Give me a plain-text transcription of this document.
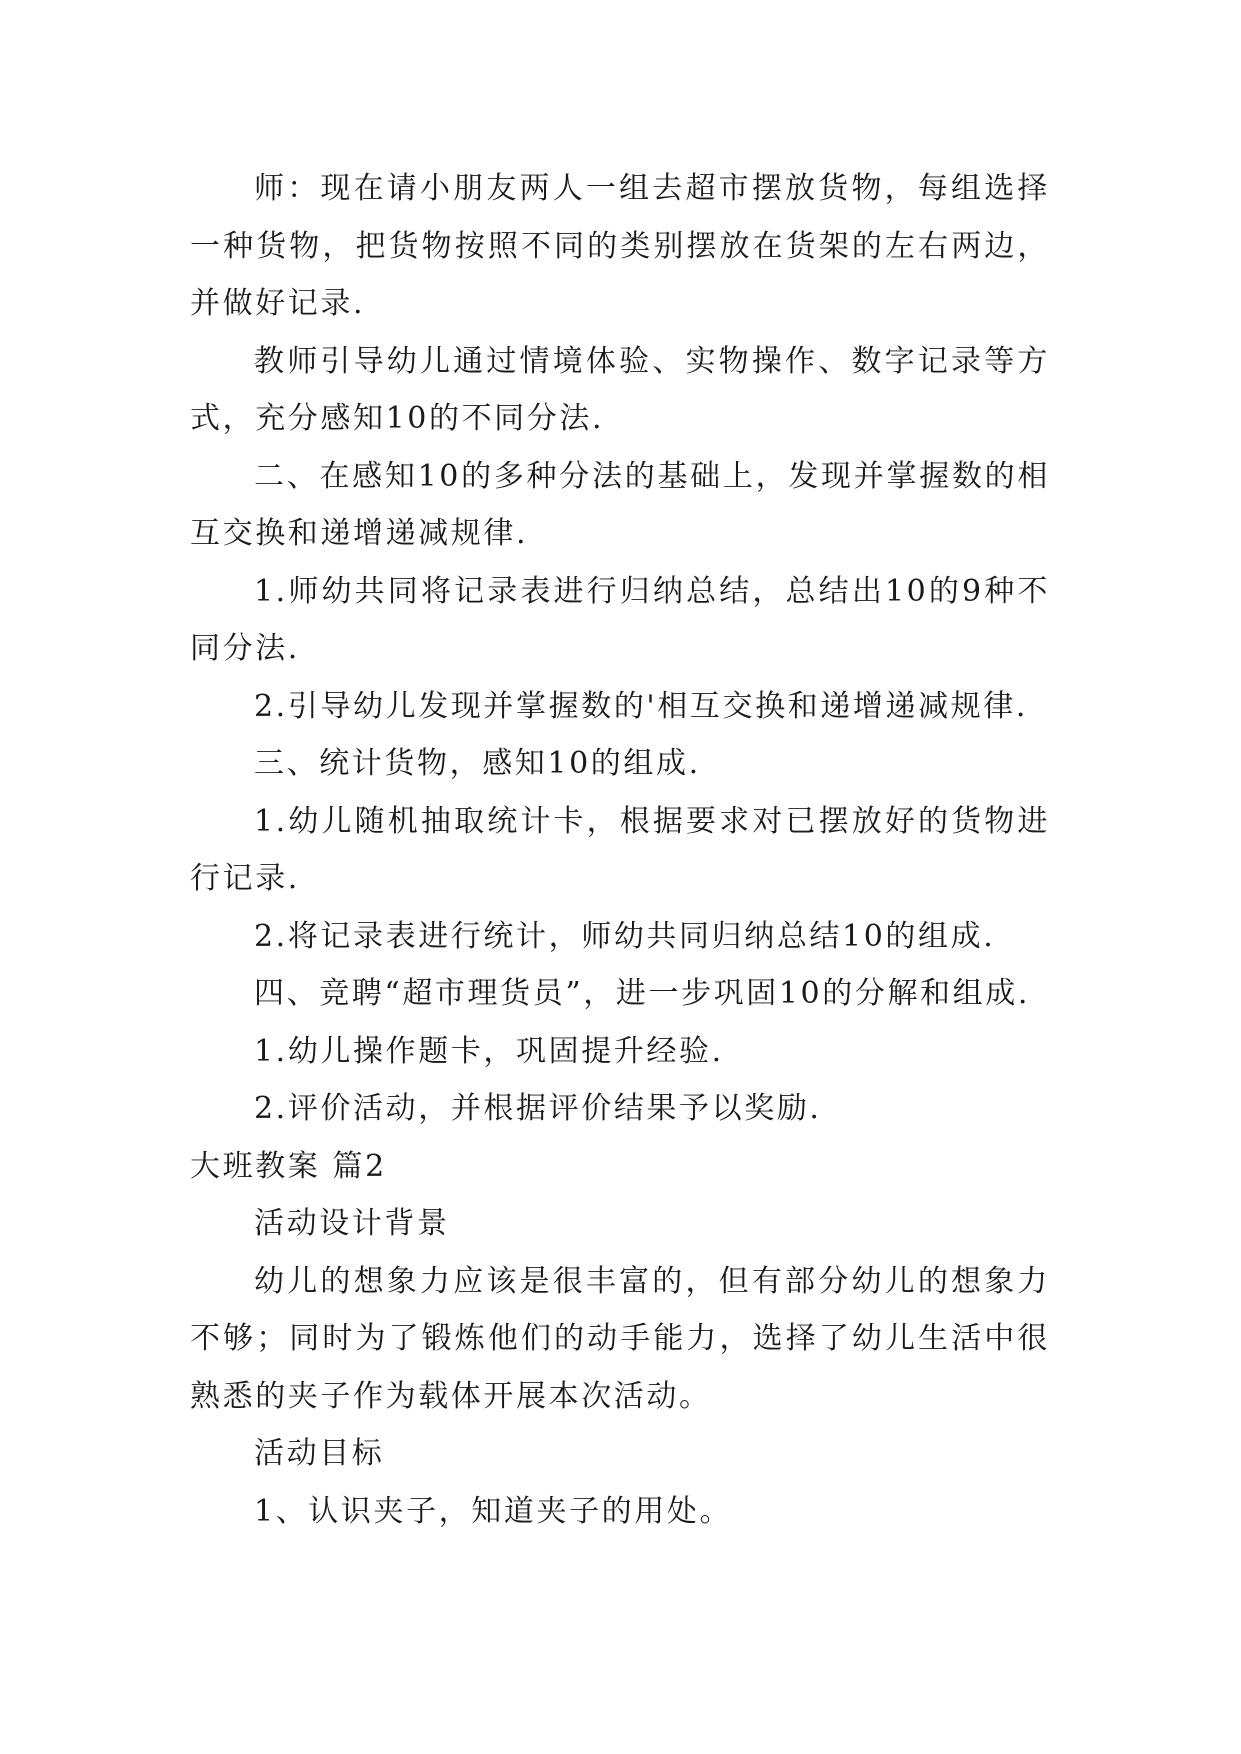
师：现在请小朋友两人一组去超市摆放货物，每组选择一种货物，把货物按照不同的类别摆放在货架的左右两边，并做好记录.

教师引导幼儿通过情境体验、实物操作、数字记录等方式，充分感知10的不同分法.

二、在感知10的多种分法的基础上，发现并掌握数的相互交换和递增递减规律.

1.师幼共同将记录表进行归纳总结，总结出10的9种不同分法.

2.引导幼儿发现并掌握数的'相互交换和递增递减规律.

三、统计货物，感知10的组成.

1.幼儿随机抽取统计卡，根据要求对已摆放好的货物进行记录.

2.将记录表进行统计，师幼共同归纳总结10的组成.

四、竞聘“超市理货员”，进一步巩固10的分解和组成.

1.幼儿操作题卡，巩固提升经验.

2.评价活动，并根据评价结果予以奖励.

大班教案 篇2

活动设计背景

幼儿的想象力应该是很丰富的，但有部分幼儿的想象力不够；同时为了锻炼他们的动手能力，选择了幼儿生活中很熟悉的夹子作为载体开展本次活动。

活动目标

1、认识夹子，知道夹子的用处。
